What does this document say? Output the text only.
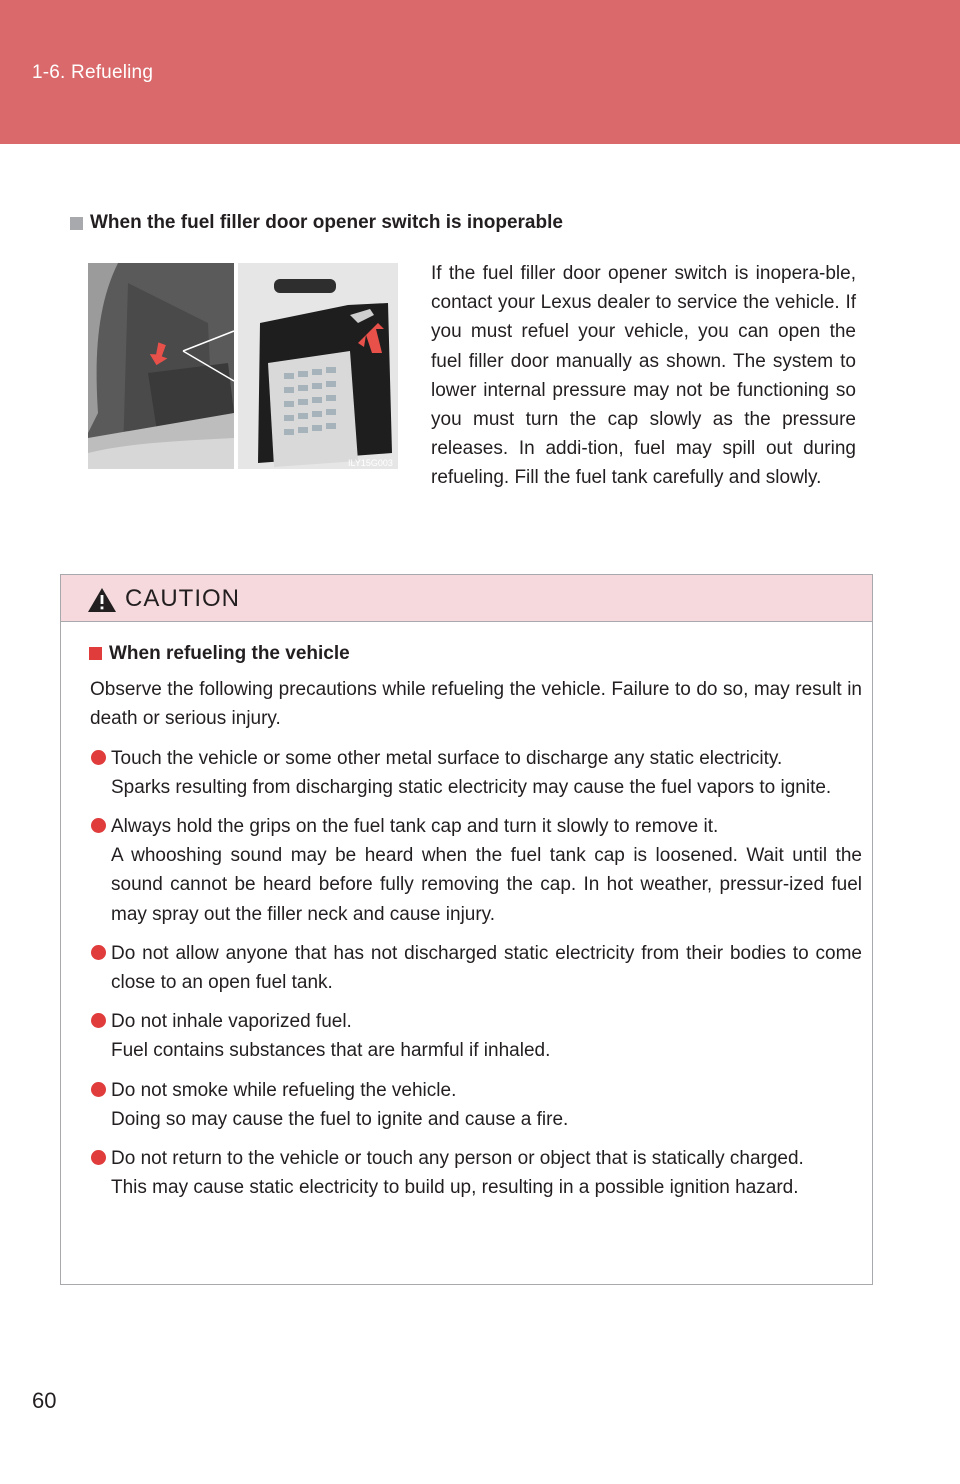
1-6. Refueling
When the fuel filler door opener switch is inoperable
ILY15G003

If the fuel filler door opener switch is inopera-ble, contact your Lexus dealer to service the vehicle. If you must refuel your vehicle, you can open the fuel filler door manually as shown. The system to lower internal pressure may not be functioning so you must turn the cap slowly as the pressure releases. In addi-tion, fuel may spill out during refueling. Fill the fuel tank carefully and slowly.

CAUTION
When refueling the vehicle

Observe the following precautions while refueling the vehicle. Failure to do so, may result in death or serious injury.

Touch the vehicle or some other metal surface to discharge any static electricity.

Sparks resulting from discharging static electricity may cause the fuel vapors to ignite.

Always hold the grips on the fuel tank cap and turn it slowly to remove it.

A whooshing sound may be heard when the fuel tank cap is loosened. Wait until the sound cannot be heard before fully removing the cap. In hot weather, pressur-ized fuel may spray out the filler neck and cause injury.

Do not allow anyone that has not discharged static electricity from their bodies to come close to an open fuel tank.

Do not inhale vaporized fuel.

Fuel contains substances that are harmful if inhaled.

Do not smoke while refueling the vehicle.

Doing so may cause the fuel to ignite and cause a fire.

Do not return to the vehicle or touch any person or object that is statically charged.

This may cause static electricity to build up, resulting in a possible ignition hazard.

60
